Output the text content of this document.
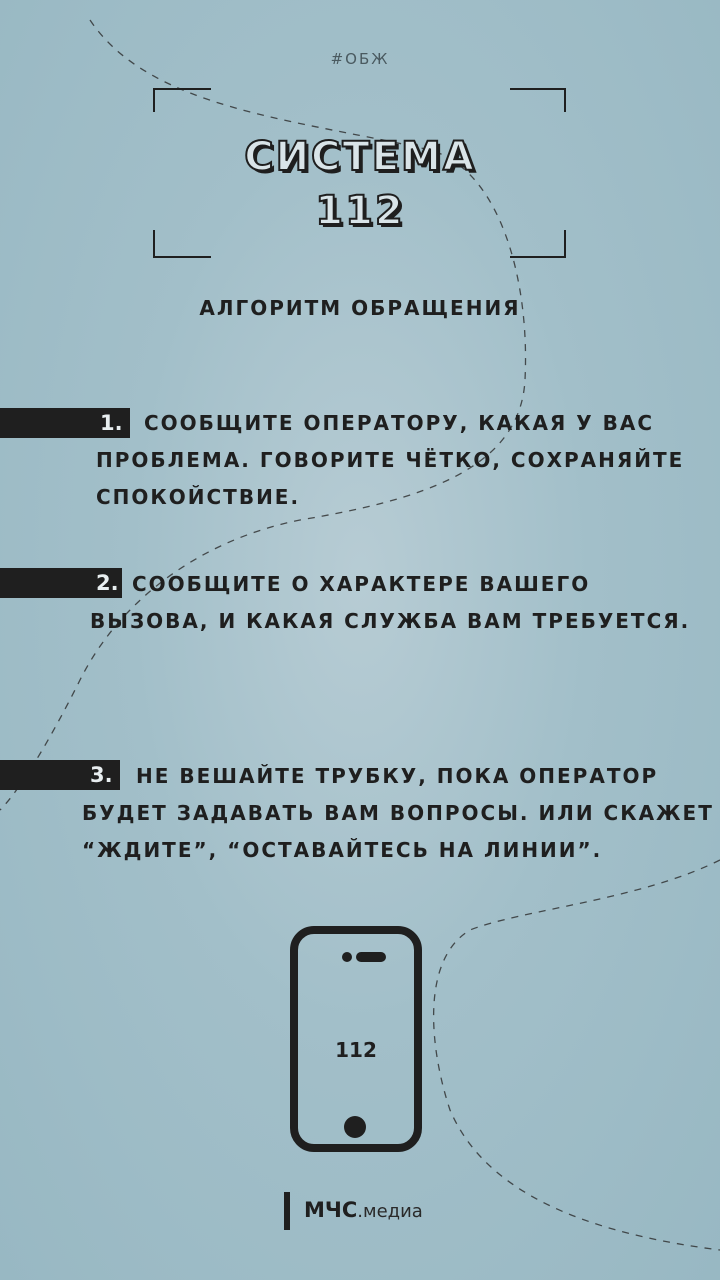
#ОБЖ
СИСТЕМА
112
АЛГОРИТМ ОБРАЩЕНИЯ
1.	СООБЩИТЕ ОПЕРАТОРУ, КАКАЯ У ВАС ПРОБЛЕМА. ГОВОРИТЕ ЧЁТКО, СОХРАНЯЙТЕ СПОКОЙСТВИЕ.
2. СООБЩИТЕ О ХАРАКТЕРЕ ВАШЕГО ВЫЗОВА, И КАКАЯ СЛУЖБА ВАМ ТРЕБУЕТСЯ.
3.	НЕ ВЕШАЙТЕ ТРУБКУ, ПОКА ОПЕРАТОР БУДЕТ ЗАДАВАТЬ ВАМ ВОПРОСЫ. ИЛИ СКАЖЕТ “ЖДИТЕ”, “ОСТАВАЙТЕСЬ НА ЛИНИИ”.
112
МЧС.медиа
